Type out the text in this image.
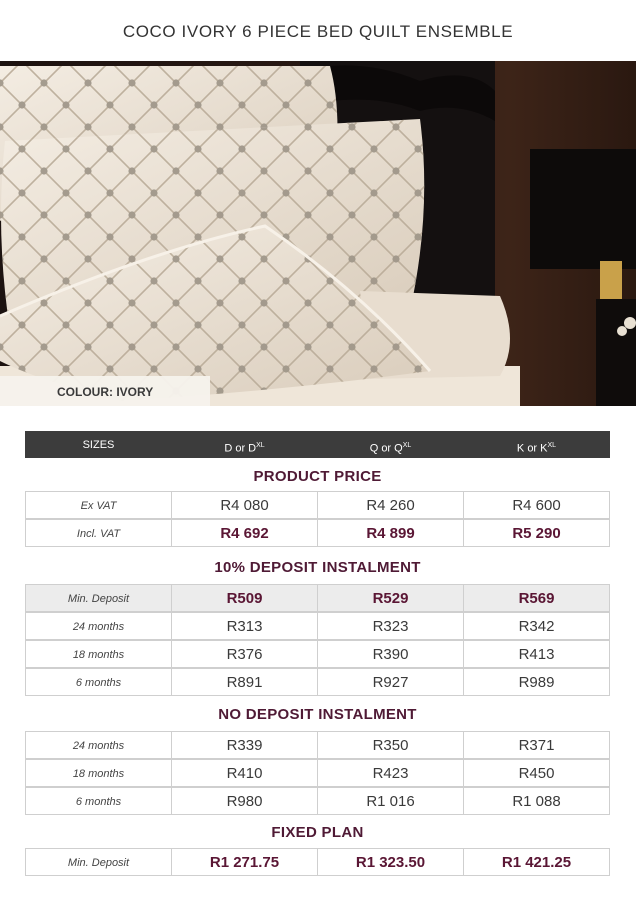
COCO IVORY 6 PIECE BED QUILT ENSEMBLE
COLOUR: IVORY
SIZES	D or $D^{XL}$	Q or $Q^{XL}$	K or $K^{XL}$
PRODUCT PRICE
Ex VAT	R4 080	R4 260	R4 600
Incl. VAT	R4 692	R4 899	R5 290
10% DEPOSIT INSTALMENT
Min. Deposit	R509	R529	R569
24 months	R313	R323	R342
18 months	R376	R390	R413
6 months	R891	R927	R989
NO DEPOSIT INSTALMENT
24 months	R339	R350	R371
18 months	R410	R423	R450
6 months	R980	R1 016	R1 088
FIXED PLAN
Min. Deposit	R1 271.75	R1 323.50	R1 421.25
